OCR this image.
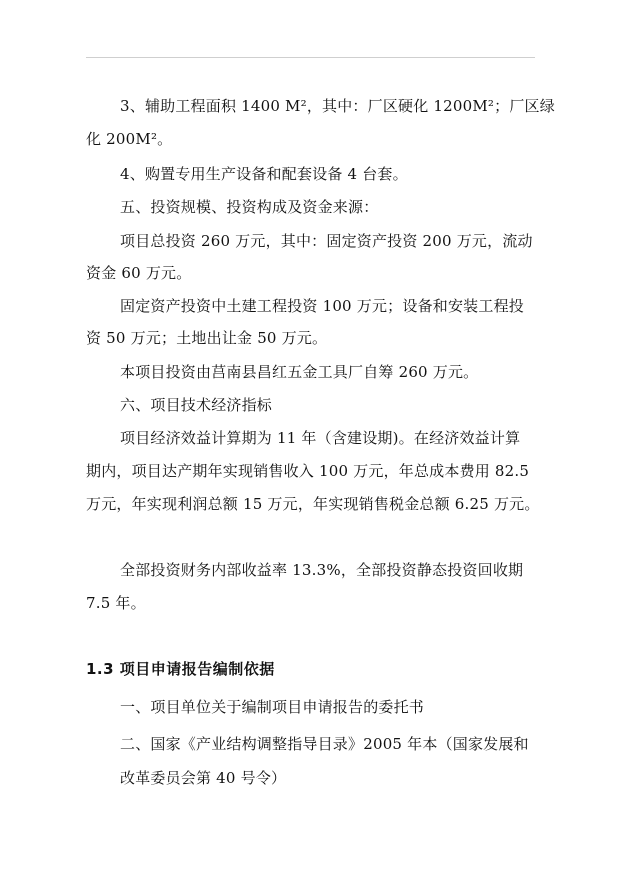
3、辅助工程面积 1400 M²，其中：厂区硬化 1200M²；厂区绿
化 200M²。
4、购置专用生产设备和配套设备 4 台套。
五、投资规模、投资构成及资金来源：
项目总投资 260 万元，其中：固定资产投资 200 万元，流动
资金 60 万元。
固定资产投资中土建工程投资 100 万元；设备和安装工程投
资 50 万元；土地出让金 50 万元。
本项目投资由莒南县昌红五金工具厂自筹 260 万元。
六、项目技术经济指标
项目经济效益计算期为 11 年（含建设期)。在经济效益计算
期内，项目达产期年实现销售收入 100 万元，年总成本费用 82.5
万元，年实现利润总额 15 万元，年实现销售税金总额 6.25 万元。
全部投资财务内部收益率 13.3%，全部投资静态投资回收期
7.5 年。
1.3 项目申请报告编制依据
一、项目单位关于编制项目申请报告的委托书
二、国家《产业结构调整指导目录》2005 年本（国家发展和
改革委员会第 40 号令）
